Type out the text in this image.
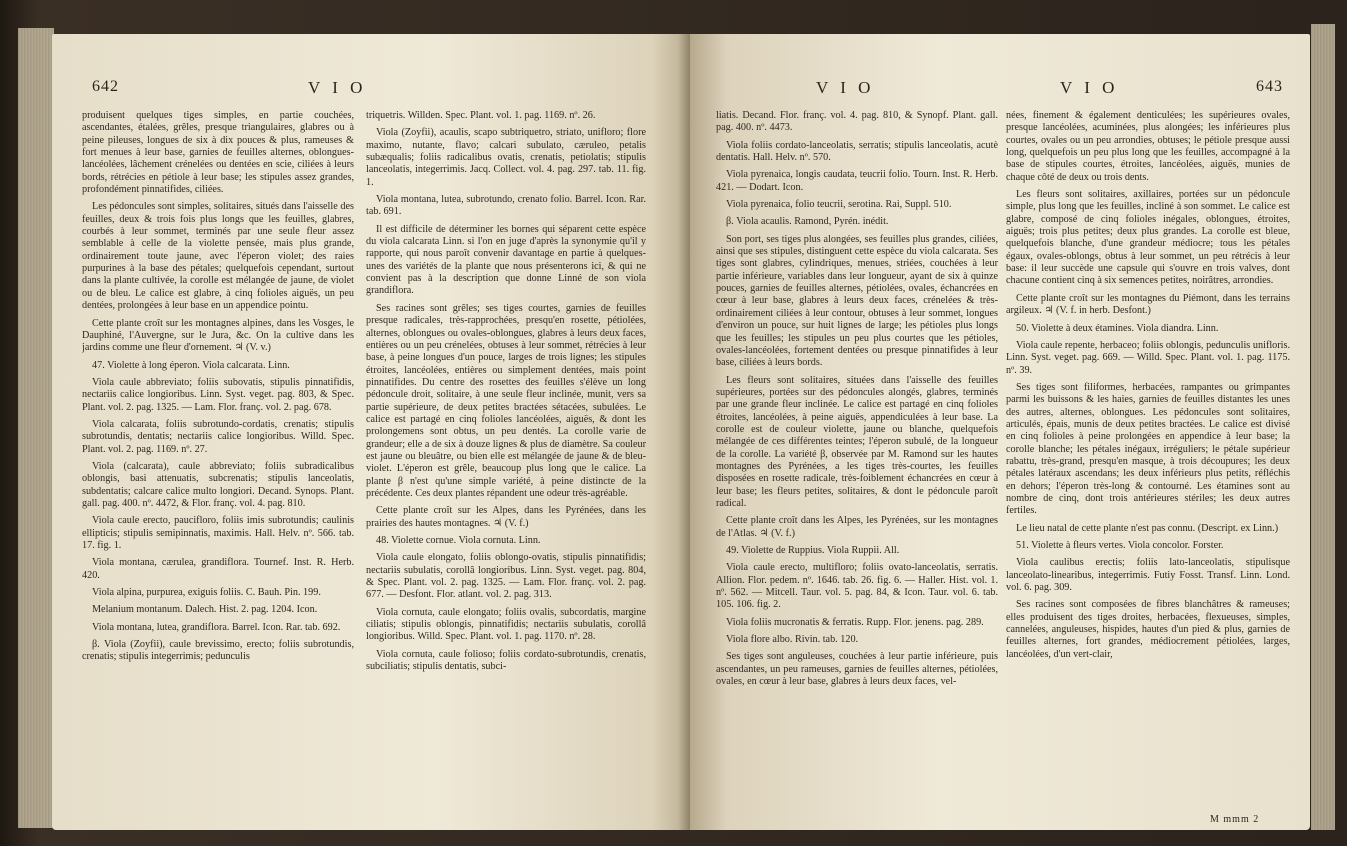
642	V I O

produisent quelques tiges simples, en partie couchées, ascendantes, étalées, grêles, presque triangulaires, glabres ou à peine pileuses, longues de six à dix pouces & plus, rameuses & fort menues à leur base, garnies de feuilles alternes, oblongues-lancéolées, lâchement crénelées ou dentées en scie, ciliées à leurs bords, rétrécies en pétiole à leur base; les stipules assez grandes, profondément pinnatifides, ciliées.

Les pédoncules sont simples, solitaires, situés dans l'aisselle des feuilles, deux & trois fois plus longs que les feuilles, glabres, courbés à leur sommet, terminés par une seule fleur assez semblable à celle de la violette pensée, mais plus grande, ordinairement toute jaune, avec l'éperon violet; des raies purpurines à la base des pétales; quelquefois cependant, surtout dans la plante cultivée, la corolle est mélangée de jaune, de violet ou de bleu. Le calice est glabre, à cinq folioles aiguës, un peu dentées, prolongées à leur base en un appendice pointu.

Cette plante croît sur les montagnes alpines, dans les Vosges, le Dauphiné, l'Auvergne, sur le Jura, &c. On la cultive dans les jardins comme une fleur d'ornement. ♃ (V. v.)

47. Violette à long éperon. Viola calcarata. Linn.

Viola caule abbreviato; foliis subovatis, stipulis pinnatifidis, nectariis calice longioribus. Linn. Syst. veget. pag. 803, & Spec. Plant. vol. 2. pag. 1325. — Lam. Flor. franç. vol. 2. pag. 678.

Viola calcarata, foliis subrotundo-cordatis, crenatis; stipulis subrotundis, dentatis; nectariis calice longioribus. Willd. Spec. Plant. vol. 2. pag. 1169. nº. 27.

Viola (calcarata), caule abbreviato; foliis subradicalibus oblongis, basi attenuatis, subcrenatis; stipulis lanceolatis, subdentatis; calcare calice multo longiori. Decand. Synops. Plant. gall. pag. 400. nº. 4472, & Flor. franç. vol. 4. pag. 810.

Viola caule erecto, paucifloro, foliis imis subrotundis; caulinis ellipticis; stipulis semipinnatis, maximis. Hall. Helv. nº. 566. tab. 17. fig. 1.

Viola montana, cærulea, grandiflora. Tournef. Inst. R. Herb. 420.

Viola alpina, purpurea, exiguis foliis. C. Bauh. Pin. 199.

Melanium montanum. Dalech. Hist. 2. pag. 1204. Icon.

Viola montana, lutea, grandiflora. Barrel. Icon. Rar. tab. 692.

β. Viola (Zoyfii), caule brevissimo, erecto; foliis subrotundis, crenatis; stipulis integerrimis; pedunculis

triquetris. Willden. Spec. Plant. vol. 1. pag. 1169. nº. 26.

Viola (Zoyfii), acaulis, scapo subtriquetro, striato, unifloro; flore maximo, nutante, flavo; calcari subulato, cæruleo, petalis subæqualis; foliis radicalibus ovatis, crenatis, petiolatis; stipulis lanceolatis, integerrimis. Jacq. Collect. vol. 4. pag. 297. tab. 11. fig. 1.

Viola montana, lutea, subrotundo, crenato folio. Barrel. Icon. Rar. tab. 691.

Il est difficile de déterminer les bornes qui séparent cette espèce du viola calcarata Linn. si l'on en juge d'après la synonymie qu'il y rapporte, qui nous paroît convenir davantage en partie à quelques-unes des variétés de la plante que nous présenterons ici, & qui ne convient pas à la description que donne Linné de son viola grandiflora.

Ses racines sont grêles; ses tiges courtes, garnies de feuilles presque radicales, très-rapprochées, presqu'en rosette, pétiolées, alternes, oblongues ou ovales-oblongues, glabres à leurs deux faces, entières ou un peu crénelées, obtuses à leur sommet, rétrécies à leur base, à peine longues d'un pouce, larges de trois lignes; les stipules étroites, lancéolées, entières ou simplement dentées, mais point pinnatifides. Du centre des rosettes des feuilles s'élève un long pédoncule droit, solitaire, à une seule fleur inclinée, munit, vers sa partie supérieure, de deux petites bractées sétacées, subulées. Le calice est partagé en cinq folioles lancéolées, aiguës, & dont les prolongemens sont obtus, un peu dentés. La corolle varie de grandeur; elle a de six à douze lignes & plus de diamètre. Sa couleur est jaune ou bleuâtre, ou bien elle est mélangée de jaune & de bleu-violet. L'éperon est grêle, beaucoup plus long que le calice. La plante β n'est qu'une simple variété, à peine distincte de la précédente. Ces deux plantes répandent une odeur très-agréable.

Cette plante croît sur les Alpes, dans les Pyrénées, dans les prairies des hautes montagnes. ♃ (V. f.)

48. Violette cornue. Viola cornuta. Linn.

Viola caule elongato, foliis oblongo-ovatis, stipulis pinnatifidis; nectariis subulatis, corollâ longioribus. Linn. Syst. veget. pag. 804, & Spec. Plant. vol. 2. pag. 1325. — Lam. Flor. franç. vol. 2. pag. 677. — Desfont. Flor. atlant. vol. 2. pag. 313.

Viola cornuta, caule elongato; foliis ovalis, subcordatis, margine ciliatis; stipulis oblongis, pinnatifidis; nectariis subulatis, corollâ longioribus. Willd. Spec. Plant. vol. 1. pag. 1170. nº. 28.

Viola cornuta, caule folioso; foliis cordato-subrotundis, crenatis, subciliatis; stipulis dentatis, subci-

V I O	V I O	643

liatis. Decand. Flor. franç. vol. 4. pag. 810, & Synopf. Plant. gall. pag. 400. nº. 4473.

Viola foliis cordato-lanceolatis, serratis; stipulis lanceolatis, acutè dentatis. Hall. Helv. nº. 570.

Viola pyrenaica, longis caudata, teucrii folio. Tourn. Inst. R. Herb. 421. — Dodart. Icon.

Viola pyrenaica, folio teucrii, serotina. Rai, Suppl. 510.

β. Viola acaulis. Ramond, Pyrén. inédit.

Son port, ses tiges plus alongées, ses feuilles plus grandes, ciliées, ainsi que ses stipules, distinguent cette espèce du viola calcarata. Ses tiges sont glabres, cylindriques, menues, striées, couchées à leur partie inférieure, variables dans leur longueur, ayant de six à quinze pouces, garnies de feuilles alternes, pétiolées, ovales, échancrées en cœur à leur base, glabres à leurs deux faces, crénelées & très-ordinairement ciliées à leur contour, obtuses à leur sommet, longues d'environ un pouce, sur huit lignes de large; les pétioles plus longs que les feuilles; les stipules un peu plus courtes que les pétioles, ovales-lancéolées, fortement dentées ou presque pinnatifides à leur base, ciliées à leurs bords.

Les fleurs sont solitaires, situées dans l'aisselle des feuilles supérieures, portées sur des pédoncules alongés, glabres, terminés par une grande fleur inclinée. Le calice est partagé en cinq folioles étroites, lancéolées, à peine aiguës, appendiculées à leur base. La corolle est de couleur violette, jaune ou blanche, quelquefois mélangée de ces différentes teintes; l'éperon subulé, de la longueur de la corolle. La variété β, observée par M. Ramond sur les hautes montagnes des Pyrénées, a les tiges très-courtes, les feuilles disposées en rosette radicale, très-foiblement échancrées en cœur à leur base; les fleurs petites, solitaires, & dont le pédoncule paroît radical.

Cette plante croît dans les Alpes, les Pyrénées, sur les montagnes de l'Atlas. ♃ (V. f.)

49. Violette de Ruppius. Viola Ruppii. All.

Viola caule erecto, multifloro; foliis ovato-lanceolatis, serratis. Allion. Flor. pedem. nº. 1646. tab. 26. fig. 6. — Haller. Hist. vol. 1. nº. 562. — Mitcell. Taur. vol. 5. pag. 84, & Icon. Taur. vol. 6. tab. 105. 106. fig. 2.

Viola foliis mucronatis & ferratis. Rupp. Flor. jenens. pag. 289.

Viola flore albo. Rivin. tab. 120.

Ses tiges sont anguleuses, couchées à leur partie inférieure, puis ascendantes, un peu rameuses, garnies de feuilles alternes, pétiolées, ovales, en cœur à leur base, glabres à leurs deux faces, vel-

nées, finement & également denticulées; les supérieures ovales, presque lancéolées, acuminées, plus alongées; les inférieures plus courtes, ovales ou un peu arrondies, obtuses; le pétiole presque aussi long, quelquefois un peu plus long que les feuilles, accompagné à la base de stipules courtes, étroites, lancéolées, aiguës, munies de chaque côté de deux ou trois dents.

Les fleurs sont solitaires, axillaires, portées sur un pédoncule simple, plus long que les feuilles, incliné à son sommet. Le calice est glabre, composé de cinq folioles inégales, oblongues, étroites, aiguës; trois plus petites; deux plus grandes. La corolle est bleue, quelquefois blanche, d'une grandeur médiocre; tous les pétales égaux, ovales-oblongs, obtus à leur sommet, un peu rétrécis à leur base: il leur succède une capsule qui s'ouvre en trois valves, dont chacune contient cinq à six semences petites, noirâtres, arrondies.

Cette plante croît sur les montagnes du Piémont, dans les terrains argileux. ♃ (V. f. in herb. Desfont.)

50. Violette à deux étamines. Viola diandra. Linn.

Viola caule repente, herbaceo; foliis oblongis, pedunculis unifloris. Linn. Syst. veget. pag. 669. — Willd. Spec. Plant. vol. 1. pag. 1175. nº. 39.

Ses tiges sont filiformes, herbacées, rampantes ou grimpantes parmi les buissons & les haies, garnies de feuilles distantes les unes des autres, alternes, oblongues. Les pédoncules sont solitaires, articulés, épais, munis de deux petites bractées. Le calice est divisé en cinq folioles à peine prolongées en appendice à leur base; la corolle blanche; les pétales inégaux, irréguliers; le pétale supérieur rabattu, très-grand, presqu'en masque, à trois découpures; les deux pétales latéraux ascendans; les deux inférieurs plus petits, réfléchis en dehors; l'éperon très-long & contourné. Les étamines sont au nombre de cinq, dont trois antérieures stériles; les deux autres fertiles.

Le lieu natal de cette plante n'est pas connu. (Descript. ex Linn.)

51. Violette à fleurs vertes. Viola concolor. Forster.

Viola caulibus erectis; foliis lato-lanceolatis, stipulisque lanceolato-linearibus, integerrimis. Futiy Fosst. Transf. Linn. Lond. vol. 6. pag. 309.

Ses racines sont composées de fibres blanchâtres & rameuses; elles produisent des tiges droites, herbacées, flexueuses, simples, cannelées, anguleuses, hispides, hautes d'un pied & plus, garnies de feuilles alternes, fort grandes, médiocrement pétiolées, larges, lancéolées, d'un vert-clair,

M mmm 2
